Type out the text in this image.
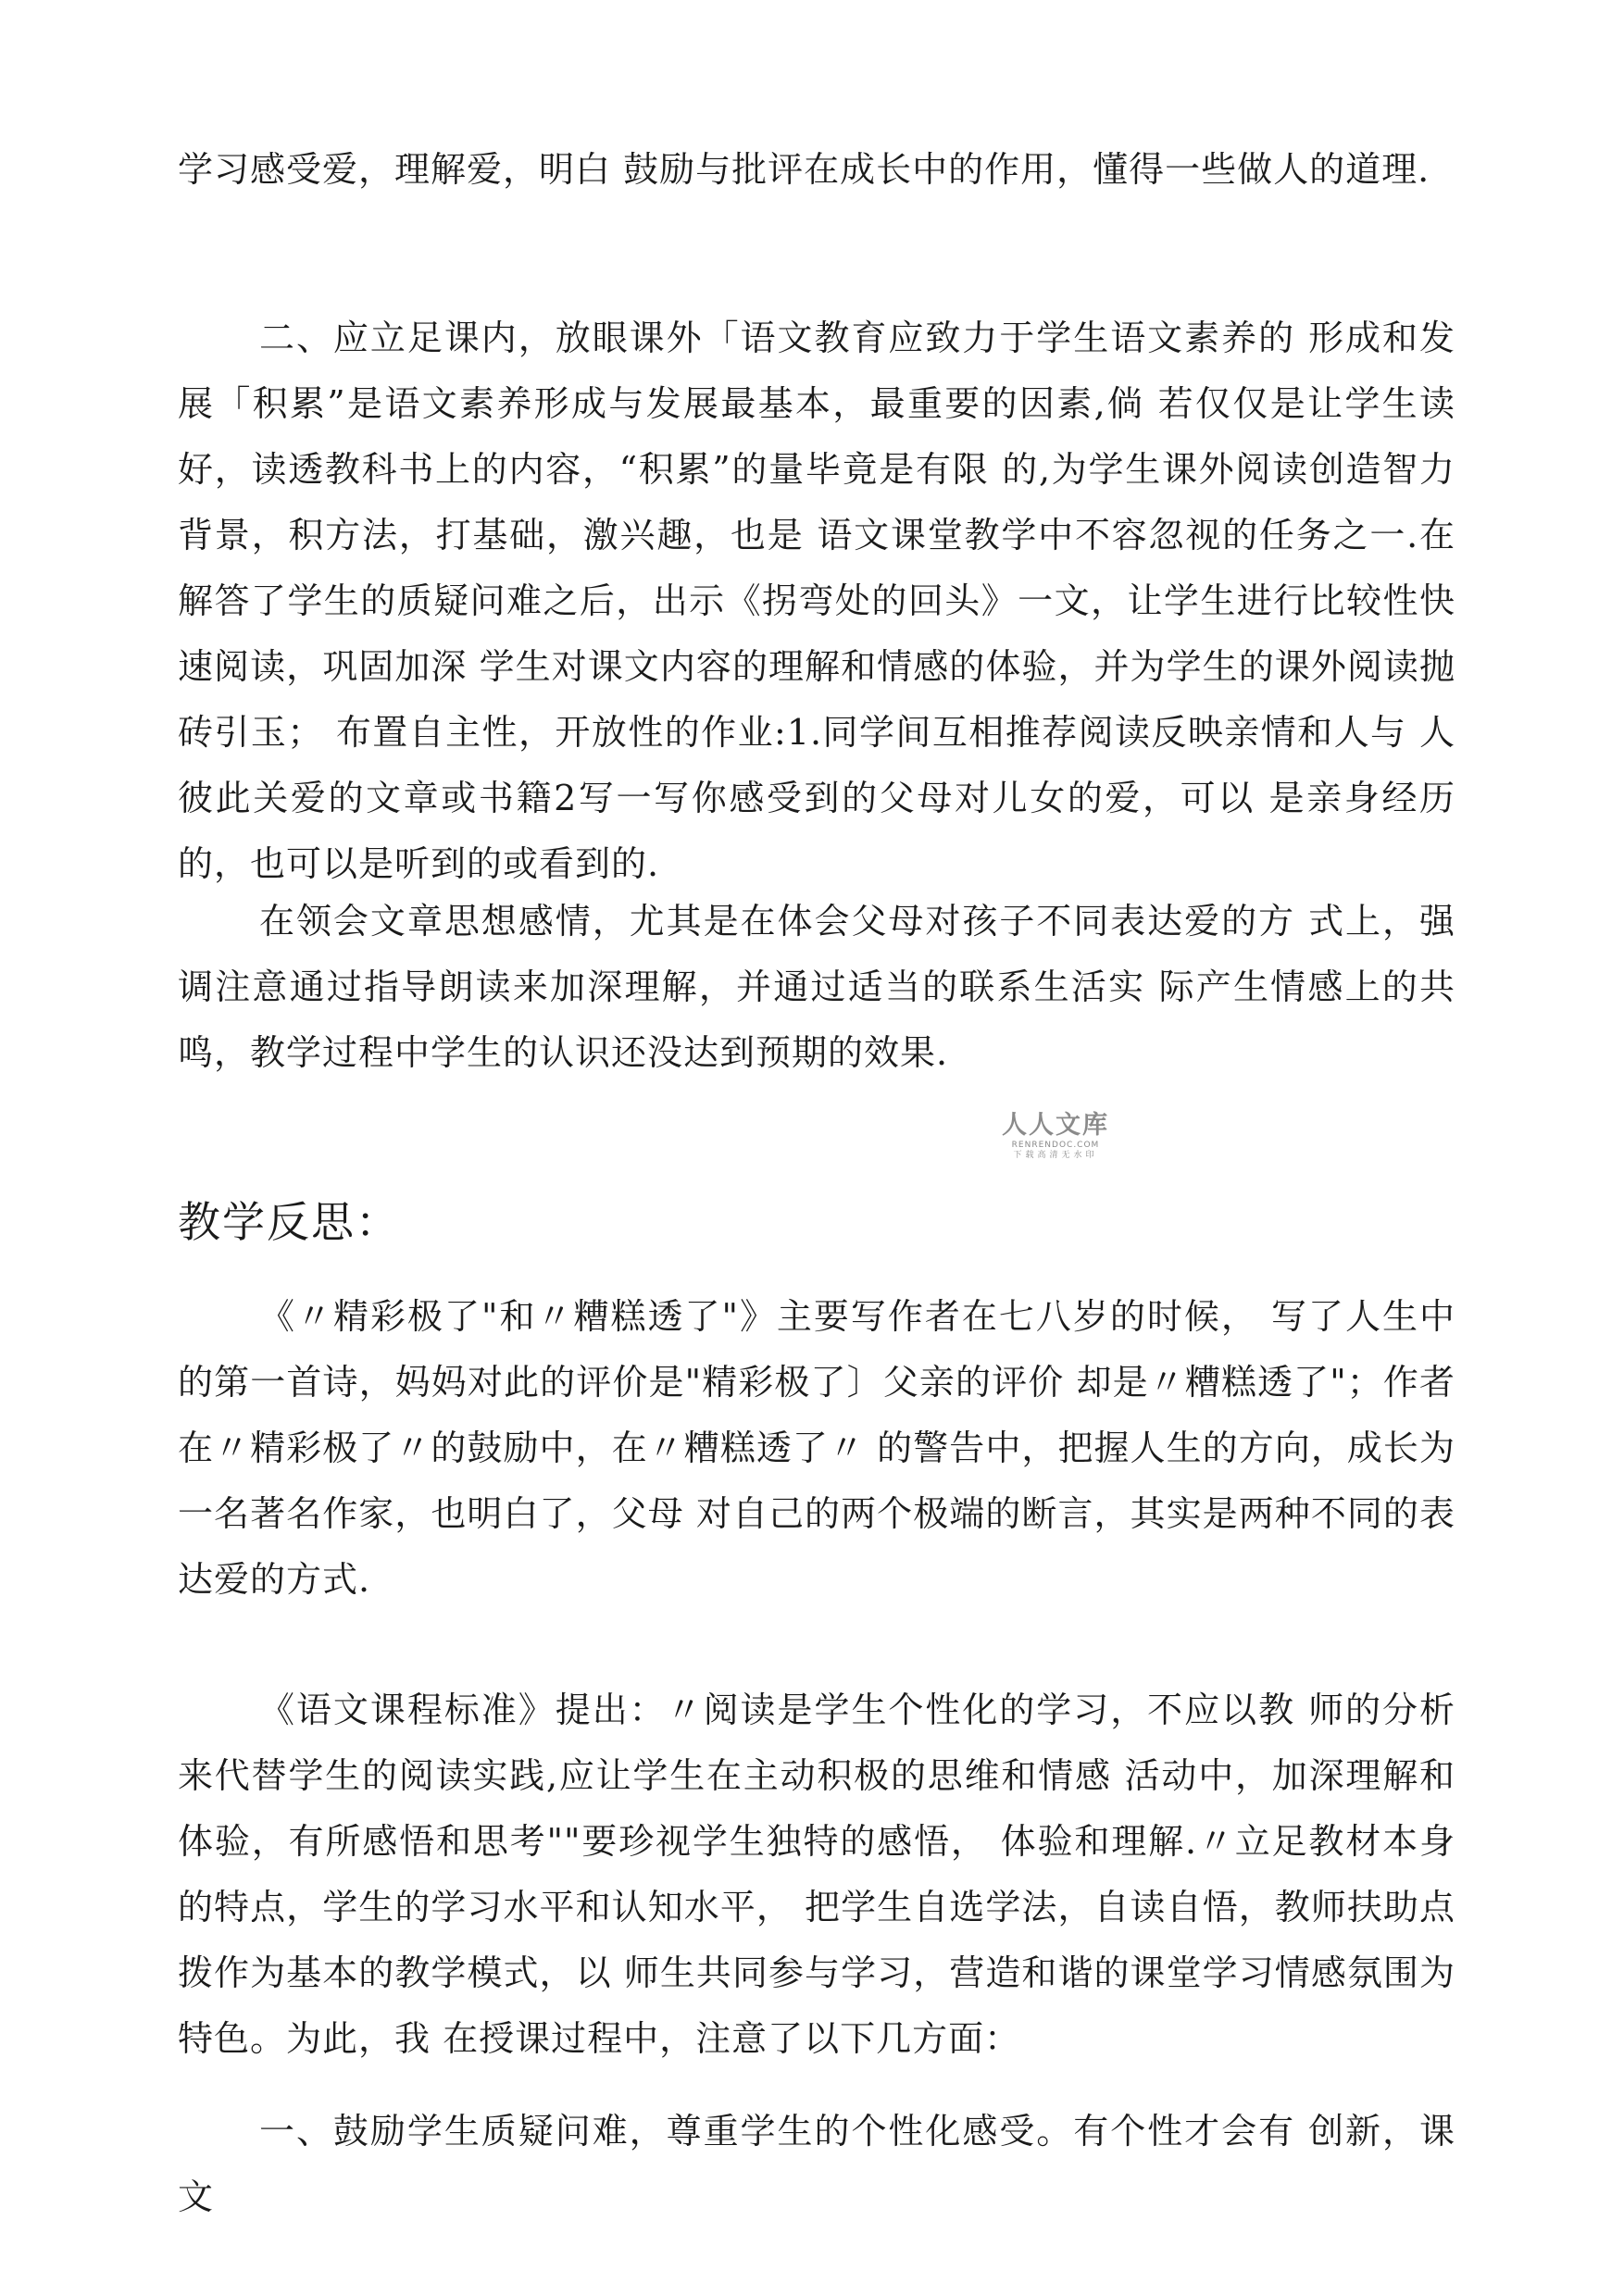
学习感受爱，理解爱，明白 鼓励与批评在成长中的作用，懂得一些做人的道理.

二、应立足课内，放眼课外「语文教育应致力于学生语文素养的 形成和发展「积累”是语文素养形成与发展最基本，最重要的因素,倘 若仅仅是让学生读好，读透教科书上的内容，“积累”的量毕竟是有限 的,为学生课外阅读创造智力背景，积方法，打基础，激兴趣，也是 语文课堂教学中不容忽视的任务之一.在解答了学生的质疑问难之后，出示《拐弯处的回头》一文，让学生进行比较性快速阅读，巩固加深 学生对课文内容的理解和情感的体验，并为学生的课外阅读抛砖引玉； 布置自主性，开放性的作业:1.同学间互相推荐阅读反映亲情和人与 人彼此关爱的文章或书籍2写一写你感受到的父母对儿女的爱，可以 是亲身经历的，也可以是听到的或看到的.

在领会文章思想感情，尤其是在体会父母对孩子不同表达爱的方 式上，强调注意通过指导朗读来加深理解，并通过适当的联系生活实 际产生情感上的共鸣，教学过程中学生的认识还没达到预期的效果.

人人文库
RENRENDOC.COM
下载高清无水印
教学反思：

《〃精彩极了"和〃糟糕透了"》主要写作者在七八岁的时候， 写了人生中的第一首诗，妈妈对此的评价是"精彩极了〕父亲的评价 却是〃糟糕透了"；作者在〃精彩极了〃的鼓励中，在〃糟糕透了〃 的警告中，把握人生的方向，成长为一名著名作家，也明白了，父母 对自己的两个极端的断言，其实是两种不同的表达爱的方式.

《语文课程标准》提出：〃阅读是学生个性化的学习，不应以教 师的分析来代替学生的阅读实践,应让学生在主动积极的思维和情感 活动中，加深理解和体验，有所感悟和思考""要珍视学生独特的感悟， 体验和理解.〃立足教材本身的特点，学生的学习水平和认知水平， 把学生自选学法，自读自悟，教师扶助点拨作为基本的教学模式，以 师生共同参与学习，营造和谐的课堂学习情感氛围为特色。为此，我 在授课过程中，注意了以下几方面：

一、鼓励学生质疑问难，尊重学生的个性化感受。有个性才会有 创新，课文
